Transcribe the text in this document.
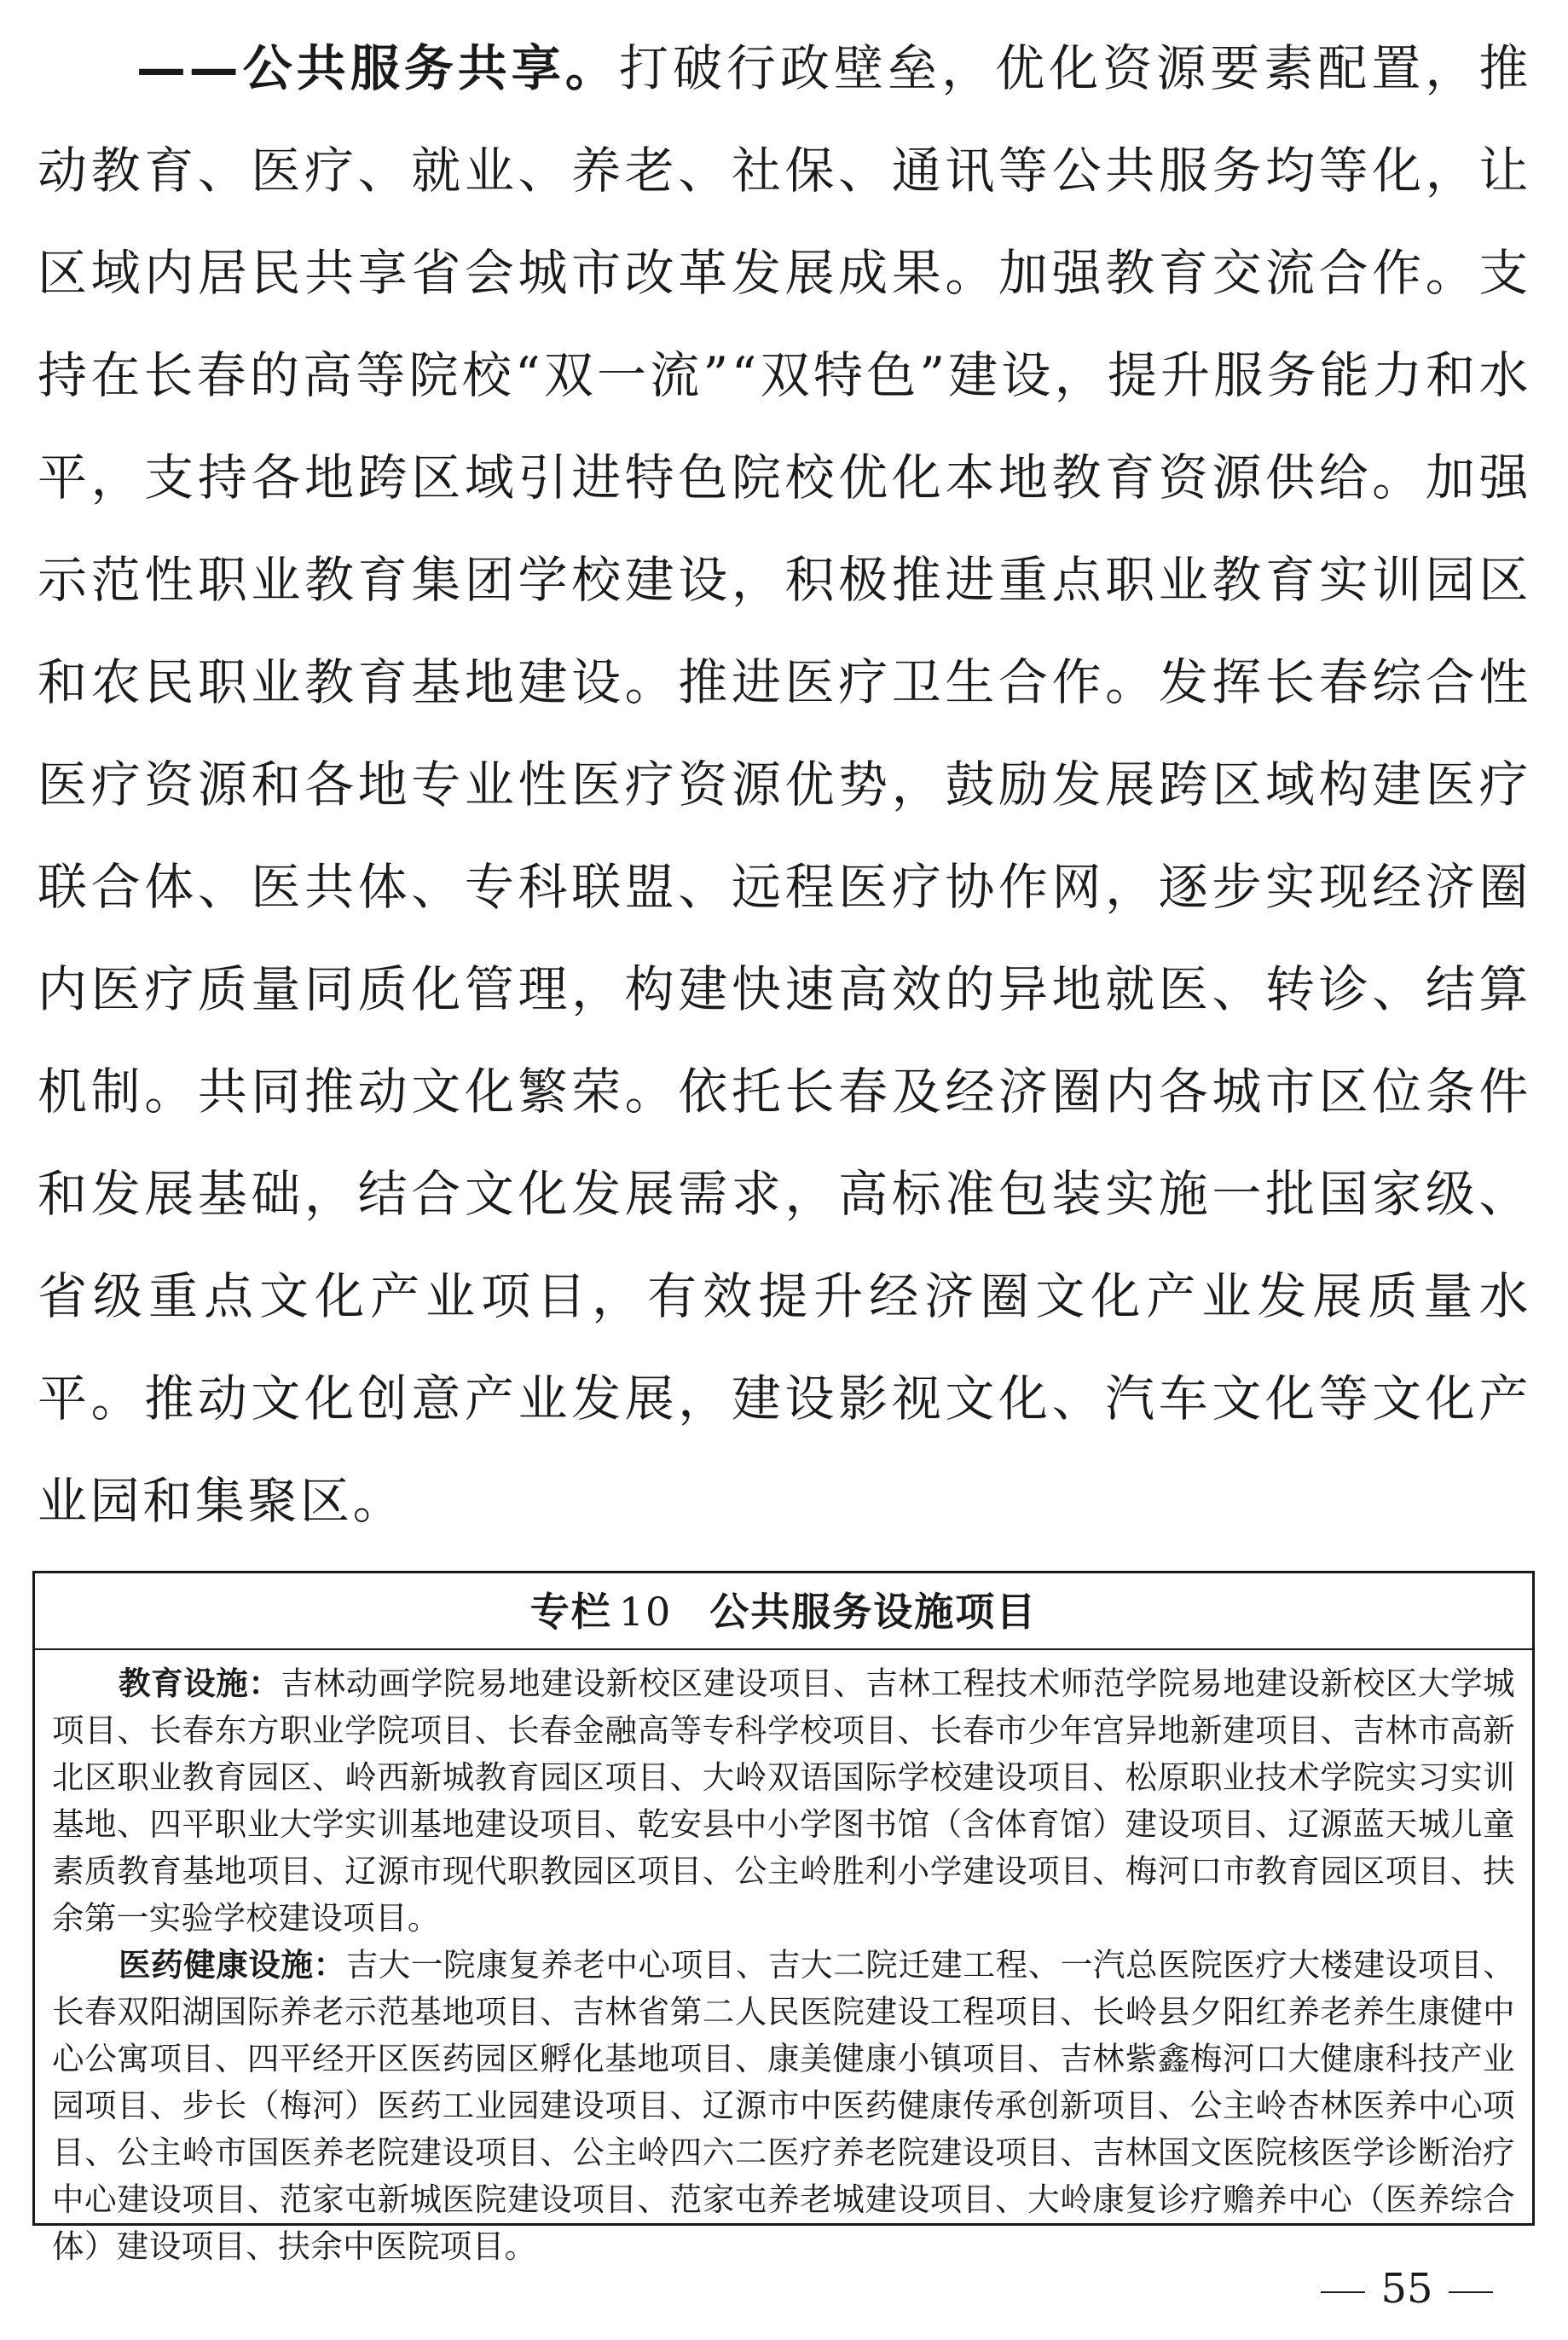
——公共服务共享。打破行政壁垒，优化资源要素配置，推动教育、医疗、就业、养老、社保、通讯等公共服务均等化，让区域内居民共享省会城市改革发展成果。加强教育交流合作。支持在长春的高等院校“双一流”“双特色”建设，提升服务能力和水平，支持各地跨区域引进特色院校优化本地教育资源供给。加强示范性职业教育集团学校建设，积极推进重点职业教育实训园区和农民职业教育基地建设。推进医疗卫生合作。发挥长春综合性医疗资源和各地专业性医疗资源优势，鼓励发展跨区域构建医疗联合体、医共体、专科联盟、远程医疗协作网，逐步实现经济圈内医疗质量同质化管理，构建快速高效的异地就医、转诊、结算机制。共同推动文化繁荣。依托长春及经济圈内各城市区位条件和发展基础，结合文化发展需求，高标准包装实施一批国家级、省级重点文化产业项目，有效提升经济圈文化产业发展质量水平。推动文化创意产业发展，建设影视文化、汽车文化等文化产业园和集聚区。

专栏 10 公共服务设施项目

教育设施：吉林动画学院易地建设新校区建设项目、吉林工程技术师范学院易地建设新校区大学城项目、长春东方职业学院项目、长春金融高等专科学校项目、长春市少年宫异地新建项目、吉林市高新北区职业教育园区、岭西新城教育园区项目、大岭双语国际学校建设项目、松原职业技术学院实习实训基地、四平职业大学实训基地建设项目、乾安县中小学图书馆（含体育馆）建设项目、辽源蓝天城儿童素质教育基地项目、辽源市现代职教园区项目、公主岭胜利小学建设项目、梅河口市教育园区项目、扶余第一实验学校建设项目。

医药健康设施：吉大一院康复养老中心项目、吉大二院迁建工程、一汽总医院医疗大楼建设项目、长春双阳湖国际养老示范基地项目、吉林省第二人民医院建设工程项目、长岭县夕阳红养老养生康健中心公寓项目、四平经开区医药园区孵化基地项目、康美健康小镇项目、吉林紫鑫梅河口大健康科技产业园项目、步长（梅河）医药工业园建设项目、辽源市中医药健康传承创新项目、公主岭杏林医养中心项目、公主岭市国医养老院建设项目、公主岭四六二医疗养老院建设项目、吉林国文医院核医学诊断治疗中心建设项目、范家屯新城医院建设项目、范家屯养老城建设项目、大岭康复诊疗赡养中心（医养综合体）建设项目、扶余中医院项目。

55
